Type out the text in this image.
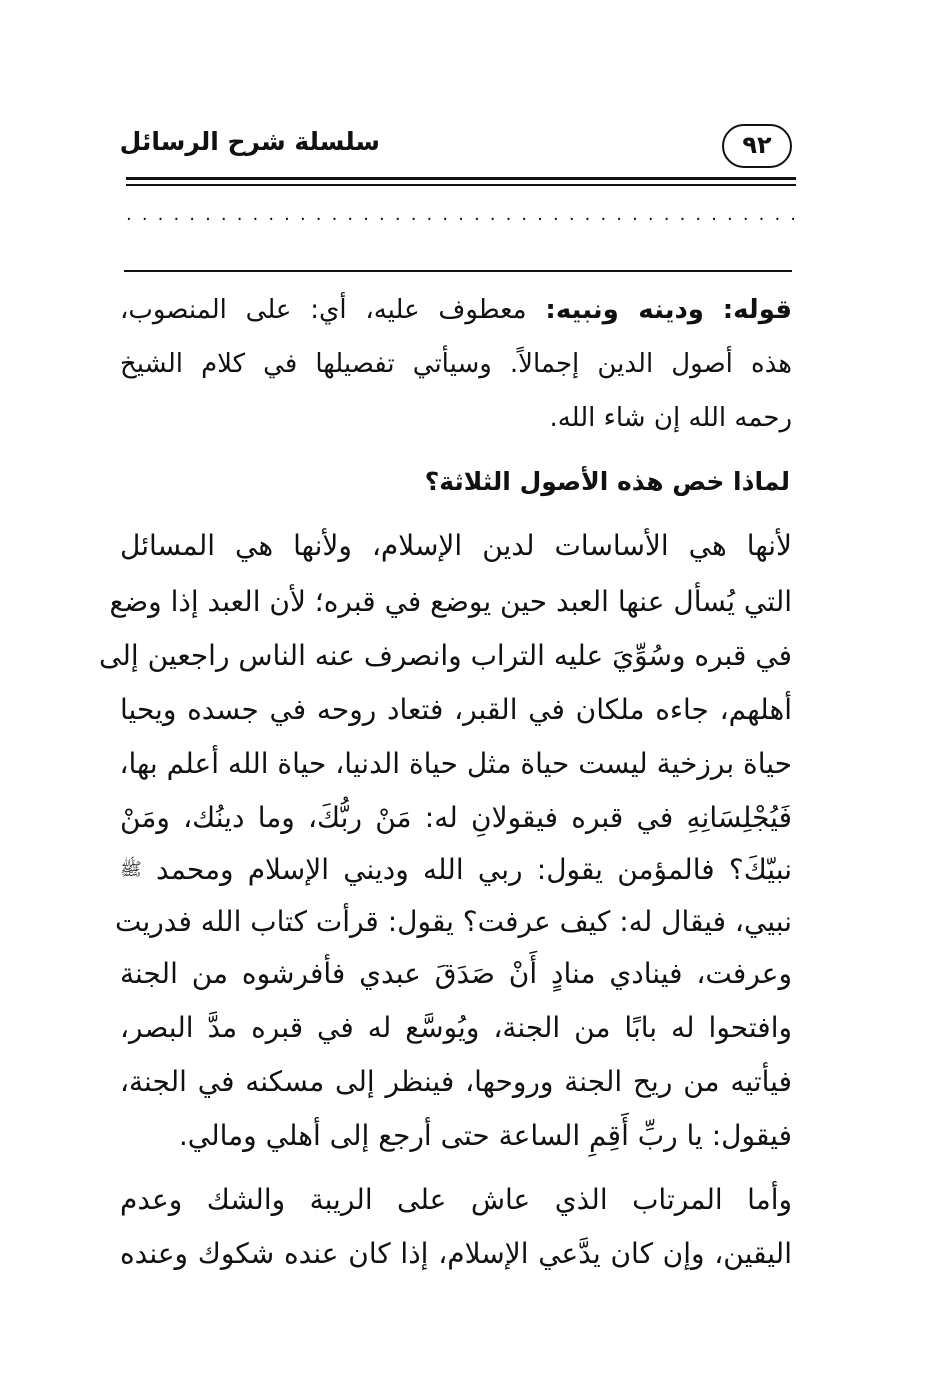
٩٢
سلسلة شرح الرسائل
. . . . . . . . . . . . . . . . . . . . . . . . . . . . . . . . . . . . . . . . . . .
قوله: ودينه ونبيه: معطوف عليه، أي: على المنصوب،
هذه أصول الدين إجمالاً. وسيأتي تفصيلها في كلام الشيخ
رحمه الله إن شاء الله.
لماذا خص هذه الأصول الثلاثة؟
لأنها هي الأساسات لدين الإسلام، ولأنها هي المسائل
التي يُسأل عنها العبد حين يوضع في قبره؛ لأن العبد إذا وضع
في قبره وسُوِّيَ عليه التراب وانصرف عنه الناس راجعين إلى
أهلهم، جاءه ملكان في القبر، فتعاد روحه في جسده ويحيا
حياة برزخية ليست حياة مثل حياة الدنيا، حياة الله أعلم بها،
فَيُجْلِسَانِهِ في قبره فيقولانِ له: مَنْ ربُّكَ، وما دينُك، ومَنْ
نبيّكَ؟ فالمؤمن يقول: ربي الله وديني الإسلام ومحمد ﷺ
نبيي، فيقال له: كيف عرفت؟ يقول: قرأت كتاب الله فدريت
وعرفت، فينادي منادٍ أَنْ صَدَقَ عبدي فأفرشوه من الجنة
وافتحوا له بابًا من الجنة، ويُوسَّع له في قبره مدَّ البصر،
فيأتيه من ريح الجنة وروحها، فينظر إلى مسكنه في الجنة،
فيقول: يا ربِّ أَقِمِ الساعة حتى أرجع إلى أهلي ومالي.
وأما المرتاب الذي عاش على الريبة والشك وعدم
اليقين، وإن كان يدَّعي الإسلام، إذا كان عنده شكوك وعنده
